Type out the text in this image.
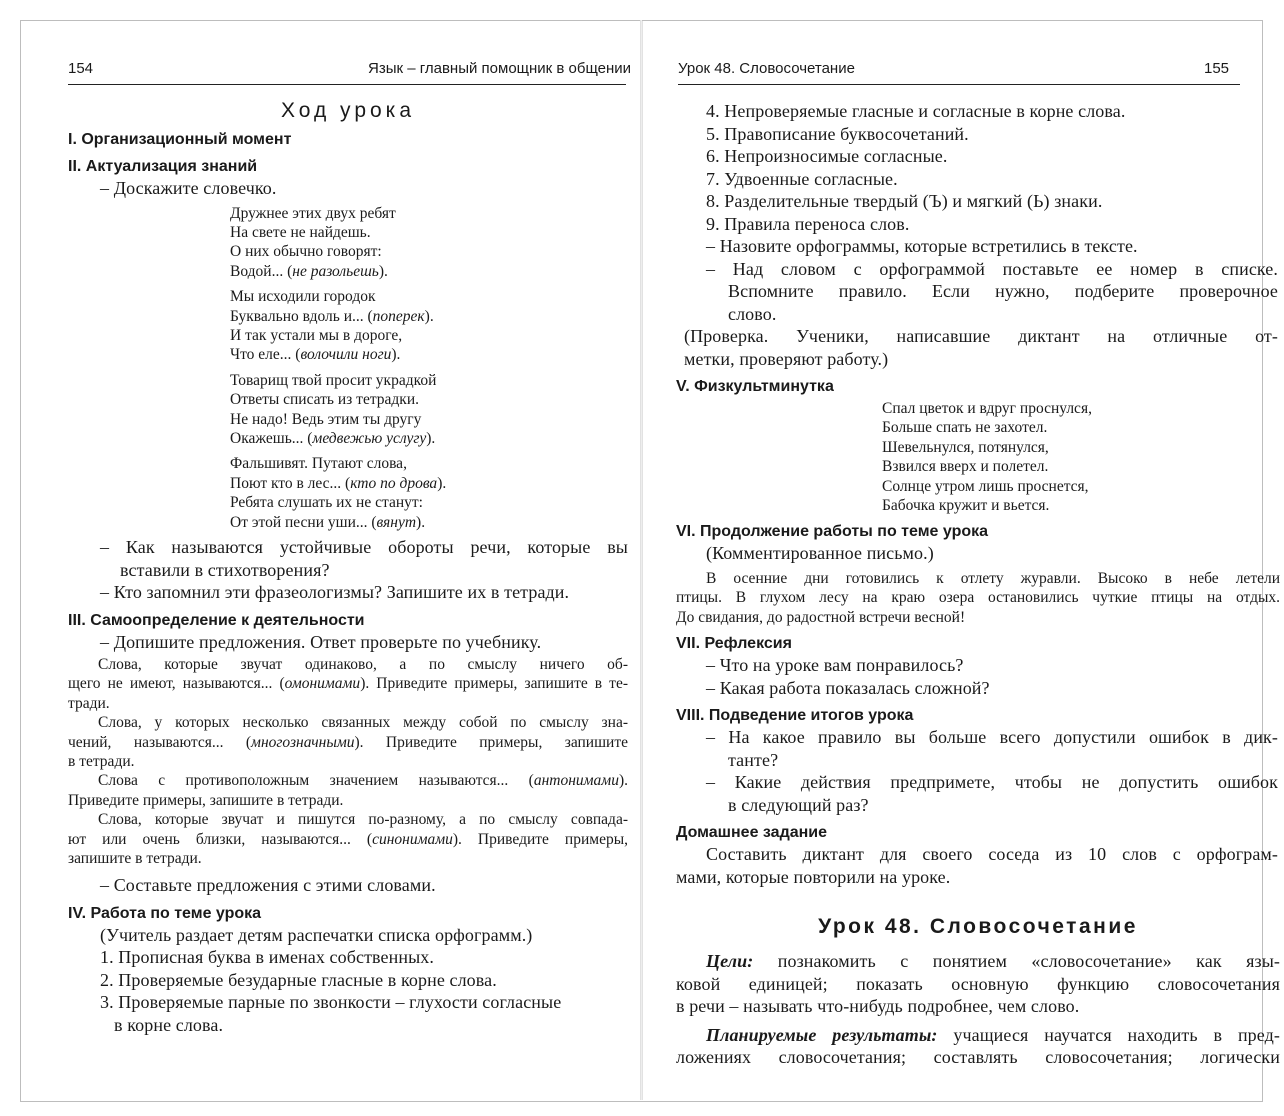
154	Язык – главный помощник в общении
Ход урока
I. Организационный момент
II. Актуализация знаний

– Доскажите словечко.

Дружнее этих двух ребят

На свете не найдешь.

О них обычно говорят:

Водой... (не разольешь).

Мы исходили городок

Буквально вдоль и... (поперек).

И так устали мы в дороге,

Что еле... (волочили ноги).

Товарищ твой просит украдкой

Ответы списать из тетрадки.

Не надо! Ведь этим ты другу

Окажешь... (медвежью услугу).

Фальшивят. Путают слова,

Поют кто в лес... (кто по дрова).

Ребята слушать их не станут:

От этой песни уши... (вянут).

– Как называются устойчивые обороты речи, которые вы

вставили в стихотворения?

– Кто запомнил эти фразеологизмы? Запишите их в тетради.

III. Самоопределение к деятельности

– Допишите предложения. Ответ проверьте по учебнику.

Слова, которые звучат одинаково, а по смыслу ничего об-

щего не имеют, называются... (омонимами). Приведите примеры, запишите в те-

тради.

Слова, у которых несколько связанных между собой по смыслу зна-

чений, называются... (многозначными). Приведите примеры, запишите

в тетради.

Слова с противоположным значением называются... (антонимами).

Приведите примеры, запишите в тетради.

Слова, которые звучат и пишутся по-разному, а по смыслу совпада-

ют или очень близки, называются... (синонимами). Приведите примеры,

запишите в тетради.

– Составьте предложения с этими словами.

IV. Работа по теме урока

(Учитель раздает детям распечатки списка орфограмм.)

1. Прописная буква в именах собственных.

2. Проверяемые безударные гласные в корне слова.

3. Проверяемые парные по звонкости – глухости согласные

в корне слова.

Урок 48. Словосочетание	155

4. Непроверяемые гласные и согласные в корне слова.

5. Правописание буквосочетаний.

6. Непроизносимые согласные.

7. Удвоенные согласные.

8. Разделительные твердый (Ъ) и мягкий (Ь) знаки.

9. Правила переноса слов.

– Назовите орфограммы, которые встретились в тексте.

– Над словом с орфограммой поставьте ее номер в списке.

Вспомните правило. Если нужно, подберите проверочное

слово.

(Проверка. Ученики, написавшие диктант на отличные от-

метки, проверяют работу.)

V. Физкультминутка

Спал цветок и вдруг проснулся,

Больше спать не захотел.

Шевельнулся, потянулся,

Взвился вверх и полетел.

Солнце утром лишь проснется,

Бабочка кружит и вьется.

VI. Продолжение работы по теме урока

(Комментированное письмо.)

В осенние дни готовились к отлету журавли. Высоко в небе летели

птицы. В глухом лесу на краю озера остановились чуткие птицы на отдых.

До свидания, до радостной встречи весной!

VII. Рефлексия

– Что на уроке вам понравилось?

– Какая работа показалась сложной?

VIII. Подведение итогов урока

– На какое правило вы больше всего допустили ошибок в дик-

танте?

– Какие действия предпримете, чтобы не допустить ошибок

в следующий раз?

Домашнее задание

Составить диктант для своего соседа из 10 слов с орфограм-

мами, которые повторили на уроке.

Урок 48. Словосочетание

Цели: познакомить с понятием «словосочетание» как язы-

ковой единицей; показать основную функцию словосочетания

в речи – называть что-нибудь подробнее, чем слово.

Планируемые результаты: учащиеся научатся находить в пред-

ложениях словосочетания; составлять словосочетания; логически
